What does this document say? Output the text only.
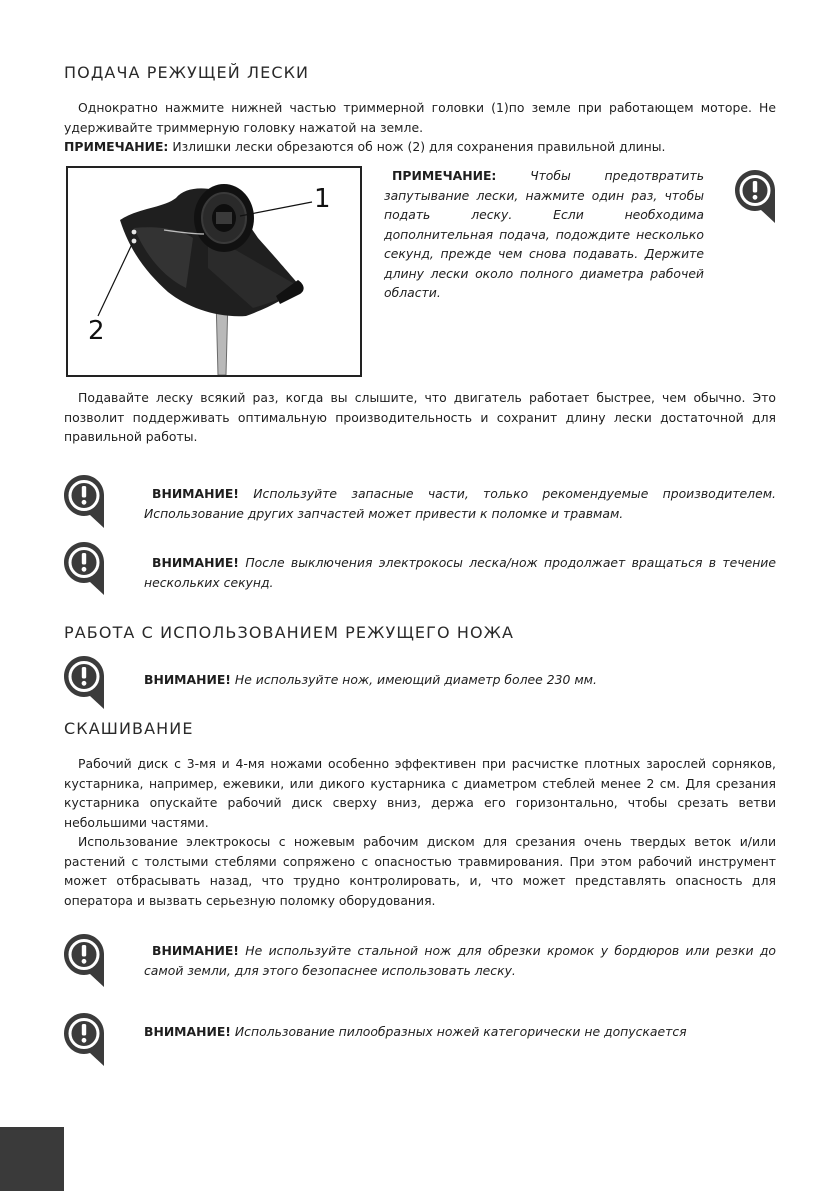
ПОДАЧА РЕЖУЩЕЙ ЛЕСКИ

Однократно нажмите нижней частью триммерной головки (1)по земле при работающем моторе. Не удерживайте триммерную головку нажатой на земле.

ПРИМЕЧАНИЕ: Излишки лески обрезаются об нож (2) для сохранения правильной длины.

1
2
ПРИМЕЧАНИЕ: Чтобы предотвратить запутывание лески, нажмите один раз, чтобы подать леску. Если необходима дополнительная подача, подождите несколько секунд, прежде чем снова подавать. Держите длину лески около полного диаметра рабочей области.

Подавайте леску всякий раз, когда вы слышите, что двигатель работает быстрее, чем обычно. Это позволит поддерживать оптимальную производительность и сохранит длину лески достаточной для правильной работы.

ВНИМАНИЕ! Используйте запасные части, только рекомендуемые производителем. Использование других запчастей может привести к поломке и травмам.
ВНИМАНИЕ! После выключения электрокосы леска/нож продолжает вращаться в течение нескольких секунд.
РАБОТА С ИСПОЛЬЗОВАНИЕМ РЕЖУЩЕГО НОЖА
ВНИМАНИЕ! Не используйте нож, имеющий диаметр более 230 мм.
СКАШИВАНИЕ

Рабочий диск с 3-мя и 4-мя ножами особенно эффективен при расчистке плотных зарослей сорняков, кустарника, например, ежевики, или дикого кустарника с диаметром стеблей менее 2 см. Для срезания кустарника опускайте рабочий диск сверху вниз, держа его горизонтально, чтобы срезать ветви небольшими частями.

Использование электрокосы с ножевым рабочим диском для срезания очень твердых веток и/или растений с толстыми стеблями сопряжено с опасностью травмирования. При этом рабочий инструмент может отбрасывать назад, что трудно контролировать, и, что может представлять опасность для оператора и вызвать серьезную поломку оборудования.

ВНИМАНИЕ! Не используйте стальной нож для обрезки кромок у бордюров или резки до самой земли, для этого безопаснее использовать леску.
ВНИМАНИЕ! Использование пилообразных ножей категорически не допускается
